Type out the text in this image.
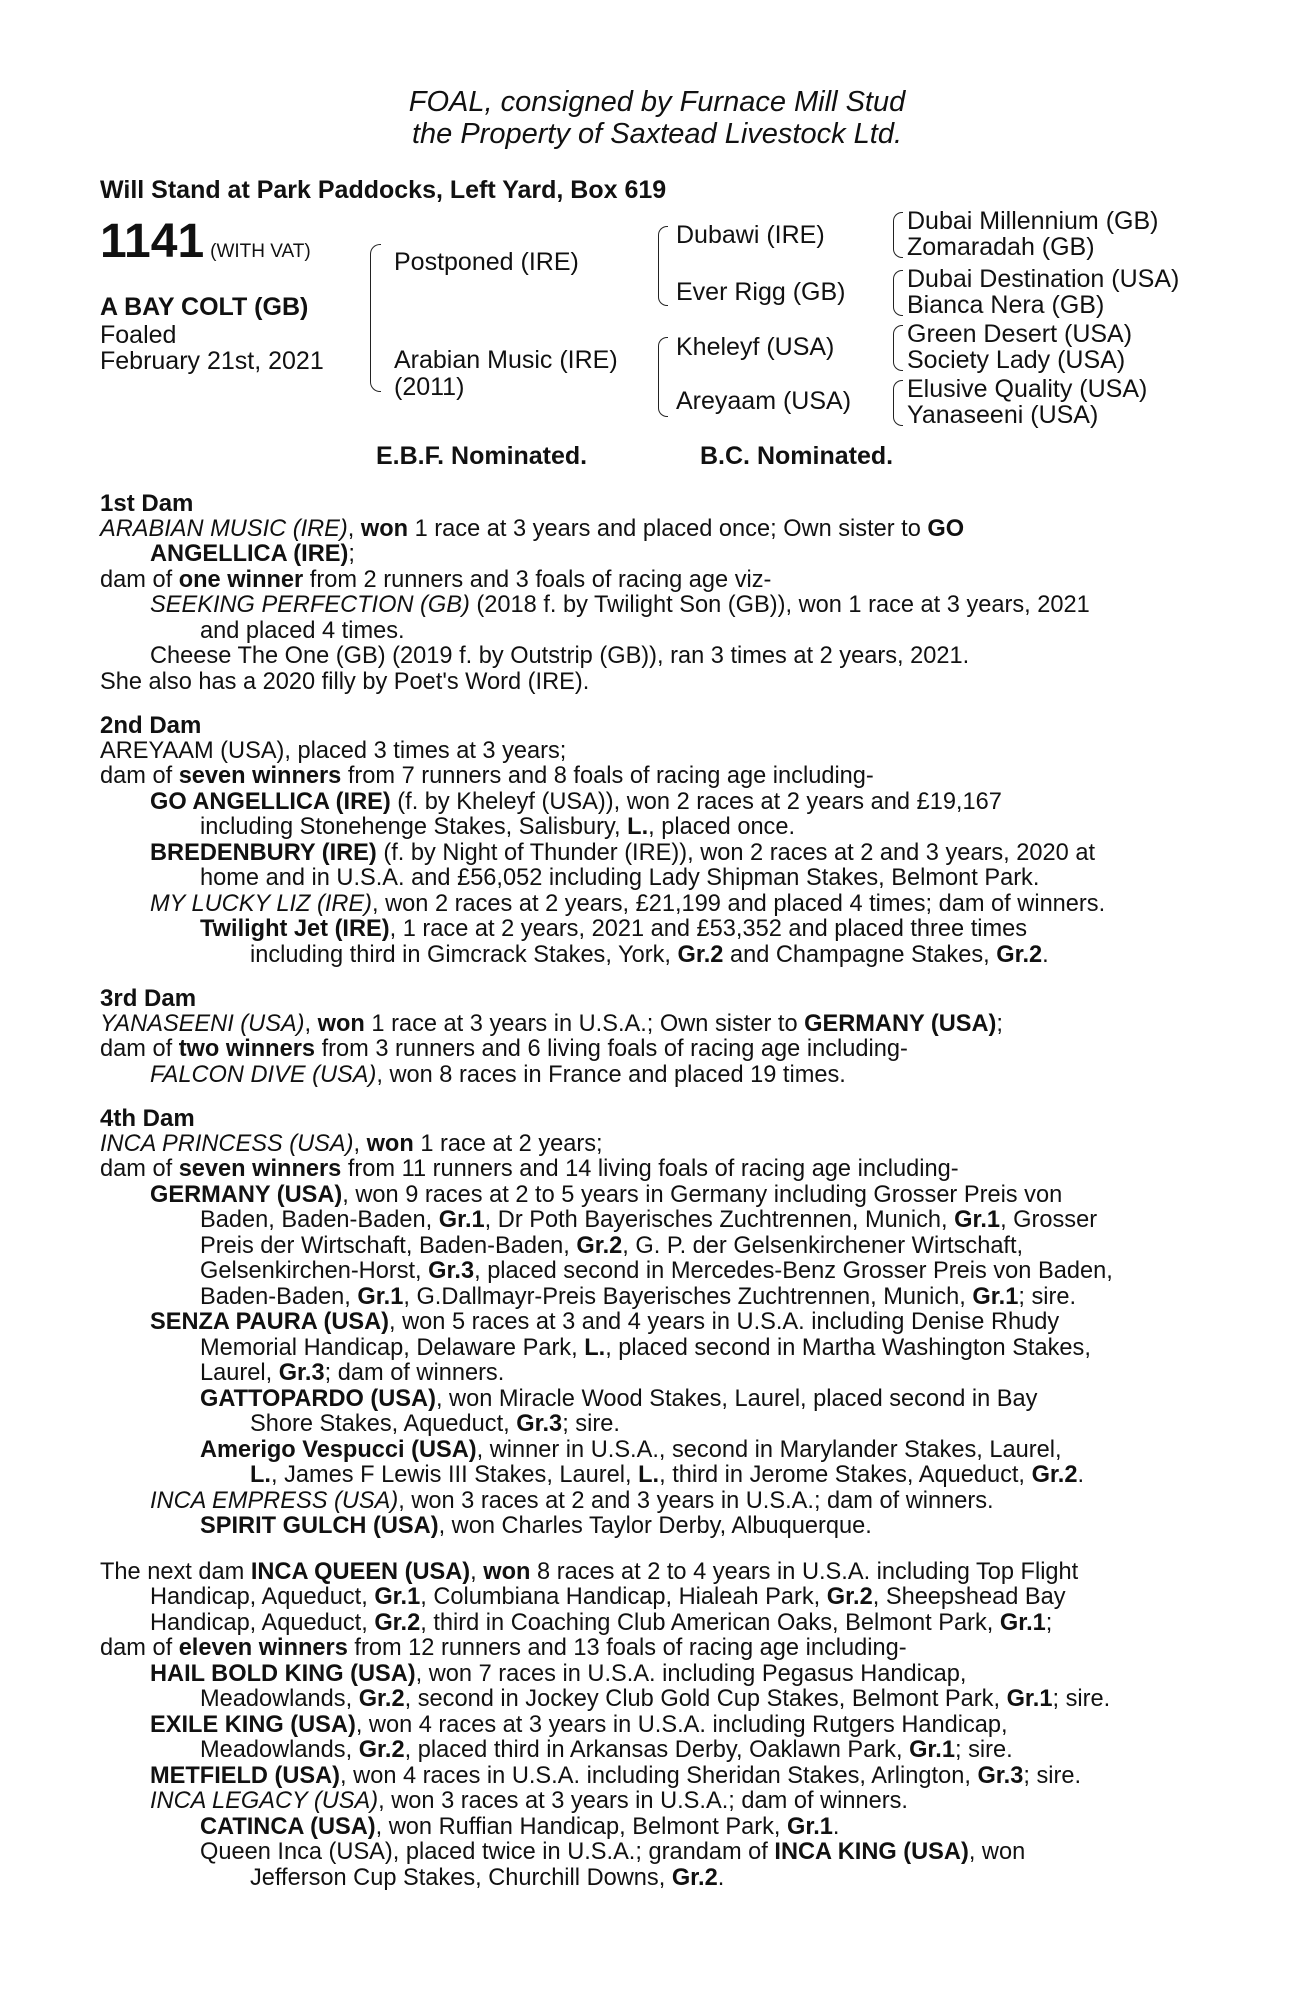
FOAL, consigned by Furnace Mill Stud
the Property of Saxtead Livestock Ltd.
Will Stand at Park Paddocks, Left Yard, Box 619
1141 (WITH VAT)
A BAY COLT (GB)
Foaled
February 21st, 2021
Postponed (IRE)
Arabian Music (IRE)
(2011)
Dubawi (IRE)
Ever Rigg (GB)
Kheleyf (USA)
Areyaam (USA)
Dubai Millennium (GB)
Zomaradah (GB)
Dubai Destination (USA)
Bianca Nera (GB)
Green Desert (USA)
Society Lady (USA)
Elusive Quality (USA)
Yanaseeni (USA)
E.B.F. Nominated.	B.C. Nominated.
1st Dam
ARABIAN MUSIC (IRE), won 1 race at 3 years and placed once; Own sister to GO
ANGELLICA (IRE);
dam of one winner from 2 runners and 3 foals of racing age viz-
SEEKING PERFECTION (GB) (2018 f. by Twilight Son (GB)), won 1 race at 3 years, 2021
and placed 4 times.
Cheese The One (GB) (2019 f. by Outstrip (GB)), ran 3 times at 2 years, 2021.
She also has a 2020 filly by Poet's Word (IRE).
2nd Dam
AREYAAM (USA), placed 3 times at 3 years;
dam of seven winners from 7 runners and 8 foals of racing age including-
GO ANGELLICA (IRE) (f. by Kheleyf (USA)), won 2 races at 2 years and £19,167
including Stonehenge Stakes, Salisbury, L., placed once.
BREDENBURY (IRE) (f. by Night of Thunder (IRE)), won 2 races at 2 and 3 years, 2020 at
home and in U.S.A. and £56,052 including Lady Shipman Stakes, Belmont Park.
MY LUCKY LIZ (IRE), won 2 races at 2 years, £21,199 and placed 4 times; dam of winners.
Twilight Jet (IRE), 1 race at 2 years, 2021 and £53,352 and placed three times
including third in Gimcrack Stakes, York, Gr.2 and Champagne Stakes, Gr.2.
3rd Dam
YANASEENI (USA), won 1 race at 3 years in U.S.A.; Own sister to GERMANY (USA);
dam of two winners from 3 runners and 6 living foals of racing age including-
FALCON DIVE (USA), won 8 races in France and placed 19 times.
4th Dam
INCA PRINCESS (USA), won 1 race at 2 years;
dam of seven winners from 11 runners and 14 living foals of racing age including-
GERMANY (USA), won 9 races at 2 to 5 years in Germany including Grosser Preis von
Baden, Baden-Baden, Gr.1, Dr Poth Bayerisches Zuchtrennen, Munich, Gr.1, Grosser
Preis der Wirtschaft, Baden-Baden, Gr.2, G. P. der Gelsenkirchener Wirtschaft,
Gelsenkirchen-Horst, Gr.3, placed second in Mercedes-Benz Grosser Preis von Baden,
Baden-Baden, Gr.1, G.Dallmayr-Preis Bayerisches Zuchtrennen, Munich, Gr.1; sire.
SENZA PAURA (USA), won 5 races at 3 and 4 years in U.S.A. including Denise Rhudy
Memorial Handicap, Delaware Park, L., placed second in Martha Washington Stakes,
Laurel, Gr.3; dam of winners.
GATTOPARDO (USA), won Miracle Wood Stakes, Laurel, placed second in Bay
Shore Stakes, Aqueduct, Gr.3; sire.
Amerigo Vespucci (USA), winner in U.S.A., second in Marylander Stakes, Laurel,
L., James F Lewis III Stakes, Laurel, L., third in Jerome Stakes, Aqueduct, Gr.2.
INCA EMPRESS (USA), won 3 races at 2 and 3 years in U.S.A.; dam of winners.
SPIRIT GULCH (USA), won Charles Taylor Derby, Albuquerque.
The next dam INCA QUEEN (USA), won 8 races at 2 to 4 years in U.S.A. including Top Flight
Handicap, Aqueduct, Gr.1, Columbiana Handicap, Hialeah Park, Gr.2, Sheepshead Bay
Handicap, Aqueduct, Gr.2, third in Coaching Club American Oaks, Belmont Park, Gr.1;
dam of eleven winners from 12 runners and 13 foals of racing age including-
HAIL BOLD KING (USA), won 7 races in U.S.A. including Pegasus Handicap,
Meadowlands, Gr.2, second in Jockey Club Gold Cup Stakes, Belmont Park, Gr.1; sire.
EXILE KING (USA), won 4 races at 3 years in U.S.A. including Rutgers Handicap,
Meadowlands, Gr.2, placed third in Arkansas Derby, Oaklawn Park, Gr.1; sire.
METFIELD (USA), won 4 races in U.S.A. including Sheridan Stakes, Arlington, Gr.3; sire.
INCA LEGACY (USA), won 3 races at 3 years in U.S.A.; dam of winners.
CATINCA (USA), won Ruffian Handicap, Belmont Park, Gr.1.
Queen Inca (USA), placed twice in U.S.A.; grandam of INCA KING (USA), won
Jefferson Cup Stakes, Churchill Downs, Gr.2.
